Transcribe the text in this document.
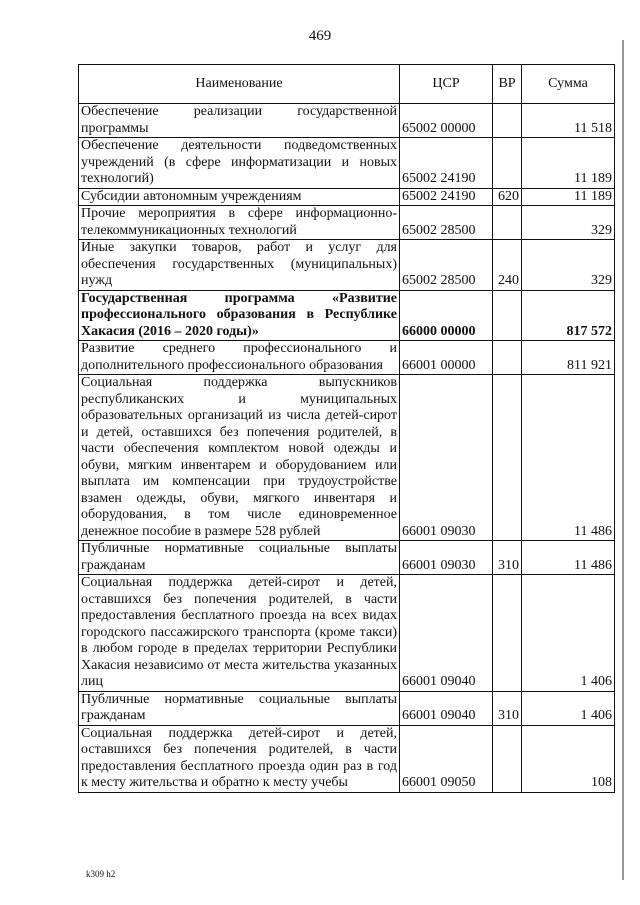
469
Наименование	ЦСР	ВР	Сумма
Обеспечение реализации государственной программы	65002 00000		11 518
Обеспечение деятельности подведомственных учреждений (в сфере информатизации и новых технологий)	65002 24190		11 189
Субсидии автономным учреждениям	65002 24190	620	11 189
Прочие мероприятия в сфере информационно-телекоммуникационных технологий	65002 28500		329
Иные закупки товаров, работ и услуг для обеспечения государственных (муниципальных) нужд	65002 28500	240	329
Государственная программа «Развитие профессионального образования в Республике Хакасия (2016 – 2020 годы)»	66000 00000		817 572
Развитие среднего профессионального и дополнительного профессионального образования	66001 00000		811 921
Социальная поддержка выпускников республиканских и муниципальных образовательных организаций из числа детей-сирот и детей, оставшихся без попечения родителей, в части обеспечения комплектом новой одежды и обуви, мягким инвентарем и оборудованием или выплата им компенсации при трудоустройстве взамен одежды, обуви, мягкого инвентаря и оборудования, в том числе единовременное денежное пособие в размере 528 рублей	66001 09030		11 486
Публичные нормативные социальные выплаты гражданам	66001 09030	310	11 486
Социальная поддержка детей-сирот и детей, оставшихся без попечения родителей, в части предоставления бесплатного проезда на всех видах городского пассажирского транспорта (кроме такси) в любом городе в пределах территории Республики Хакасия независимо от места жительства указанных лиц	66001 09040		1 406
Публичные нормативные социальные выплаты гражданам	66001 09040	310	1 406
Социальная поддержка детей-сирот и детей, оставшихся без попечения родителей, в части предоставления бесплатного проезда один раз в год к месту жительства и обратно к месту учебы	66001 09050		108
k309 h2
